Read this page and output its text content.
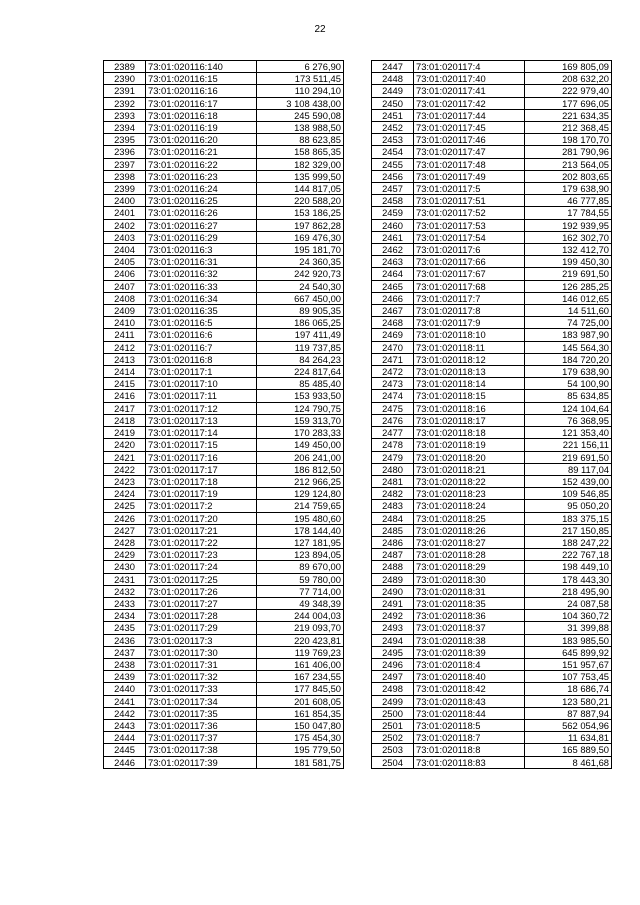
22
2389	73:01:020116:140	6 276,90
2390	73:01:020116:15	173 511,45
2391	73:01:020116:16	110 294,10
2392	73:01:020116:17	3 108 438,00
2393	73:01:020116:18	245 590,08
2394	73:01:020116:19	138 988,50
2395	73:01:020116:20	88 623,85
2396	73:01:020116:21	158 865,35
2397	73:01:020116:22	182 329,00
2398	73:01:020116:23	135 999,50
2399	73:01:020116:24	144 817,05
2400	73:01:020116:25	220 588,20
2401	73:01:020116:26	153 186,25
2402	73:01:020116:27	197 862,28
2403	73:01:020116:29	169 476,30
2404	73:01:020116:3	195 181,70
2405	73:01:020116:31	24 360,35
2406	73:01:020116:32	242 920,73
2407	73:01:020116:33	24 540,30
2408	73:01:020116:34	667 450,00
2409	73:01:020116:35	89 905,35
2410	73:01:020116:5	186 065,25
2411	73:01:020116:6	197 411,49
2412	73:01:020116:7	119 737,85
2413	73:01:020116:8	84 264,23
2414	73:01:020117:1	224 817,64
2415	73:01:020117:10	85 485,40
2416	73:01:020117:11	153 933,50
2417	73:01:020117:12	124 790,75
2418	73:01:020117:13	159 313,70
2419	73:01:020117:14	170 283,33
2420	73:01:020117:15	149 450,00
2421	73:01:020117:16	206 241,00
2422	73:01:020117:17	186 812,50
2423	73:01:020117:18	212 966,25
2424	73:01:020117:19	129 124,80
2425	73:01:020117:2	214 759,65
2426	73:01:020117:20	195 480,60
2427	73:01:020117:21	178 144,40
2428	73:01:020117:22	127 181,95
2429	73:01:020117:23	123 894,05
2430	73:01:020117:24	89 670,00
2431	73:01:020117:25	59 780,00
2432	73:01:020117:26	77 714,00
2433	73:01:020117:27	49 348,39
2434	73:01:020117:28	244 004,03
2435	73:01:020117:29	219 093,70
2436	73:01:020117:3	220 423,81
2437	73:01:020117:30	119 769,23
2438	73:01:020117:31	161 406,00
2439	73:01:020117:32	167 234,55
2440	73:01:020117:33	177 845,50
2441	73:01:020117:34	201 608,05
2442	73:01:020117:35	161 854,35
2443	73:01:020117:36	150 047,80
2444	73:01:020117:37	175 454,30
2445	73:01:020117:38	195 779,50
2446	73:01:020117:39	181 581,75
2447	73:01:020117:4	169 805,09
2448	73:01:020117:40	208 632,20
2449	73:01:020117:41	222 979,40
2450	73:01:020117:42	177 696,05
2451	73:01:020117:44	221 634,35
2452	73:01:020117:45	212 368,45
2453	73:01:020117:46	198 170,70
2454	73:01:020117:47	281 790,96
2455	73:01:020117:48	213 564,05
2456	73:01:020117:49	202 803,65
2457	73:01:020117:5	179 638,90
2458	73:01:020117:51	46 777,85
2459	73:01:020117:52	17 784,55
2460	73:01:020117:53	192 939,95
2461	73:01:020117:54	162 302,70
2462	73:01:020117:6	132 412,70
2463	73:01:020117:66	199 450,30
2464	73:01:020117:67	219 691,50
2465	73:01:020117:68	126 285,25
2466	73:01:020117:7	146 012,65
2467	73:01:020117:8	14 511,60
2468	73:01:020117:9	74 725,00
2469	73:01:020118:10	183 987,90
2470	73:01:020118:11	145 564,30
2471	73:01:020118:12	184 720,20
2472	73:01:020118:13	179 638,90
2473	73:01:020118:14	54 100,90
2474	73:01:020118:15	85 634,85
2475	73:01:020118:16	124 104,64
2476	73:01:020118:17	76 368,95
2477	73:01:020118:18	121 353,40
2478	73:01:020118:19	221 156,11
2479	73:01:020118:20	219 691,50
2480	73:01:020118:21	89 117,04
2481	73:01:020118:22	152 439,00
2482	73:01:020118:23	109 546,85
2483	73:01:020118:24	95 050,20
2484	73:01:020118:25	183 375,15
2485	73:01:020118:26	217 150,85
2486	73:01:020118:27	188 247,22
2487	73:01:020118:28	222 767,18
2488	73:01:020118:29	198 449,10
2489	73:01:020118:30	178 443,30
2490	73:01:020118:31	218 495,90
2491	73:01:020118:35	24 087,58
2492	73:01:020118:36	104 360,72
2493	73:01:020118:37	31 399,88
2494	73:01:020118:38	183 985,50
2495	73:01:020118:39	645 899,92
2496	73:01:020118:4	151 957,67
2497	73:01:020118:40	107 753,45
2498	73:01:020118:42	18 686,74
2499	73:01:020118:43	123 580,21
2500	73:01:020118:44	87 887,94
2501	73:01:020118:5	562 054,96
2502	73:01:020118:7	11 634,81
2503	73:01:020118:8	165 889,50
2504	73:01:020118:83	8 461,68
